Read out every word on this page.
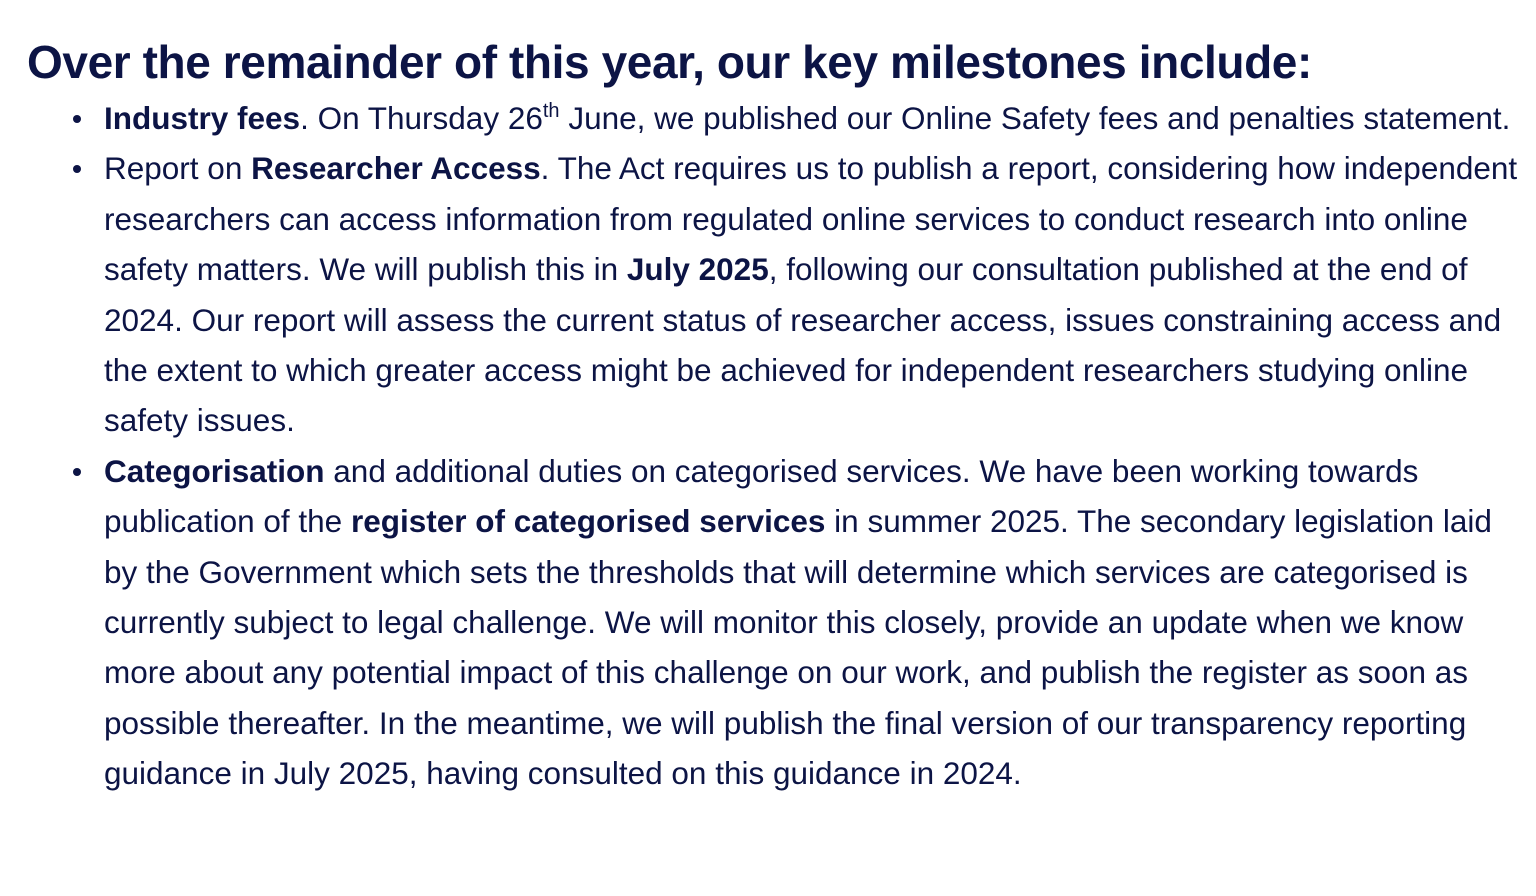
Over the remainder of this year, our key milestones include:
Industry fees. On Thursday 26th June, we published our Online Safety fees and penalties statement.
Report on Researcher Access. The Act requires us to publish a report, considering how independent researchers can access information from regulated online services to conduct research into online safety matters. We will publish this in July 2025, following our consultation published at the end of 2024. Our report will assess the current status of researcher access, issues constraining access and the extent to which greater access might be achieved for independent researchers studying online safety issues.
Categorisation and additional duties on categorised services. We have been working towards publication of the register of categorised services in summer 2025. The secondary legislation laid by the Government which sets the thresholds that will determine which services are categorised is currently subject to legal challenge. We will monitor this closely, provide an update when we know more about any potential impact of this challenge on our work, and publish the register as soon as possible thereafter. In the meantime, we will publish the final version of our transparency reporting guidance in July 2025, having consulted on this guidance in 2024.
